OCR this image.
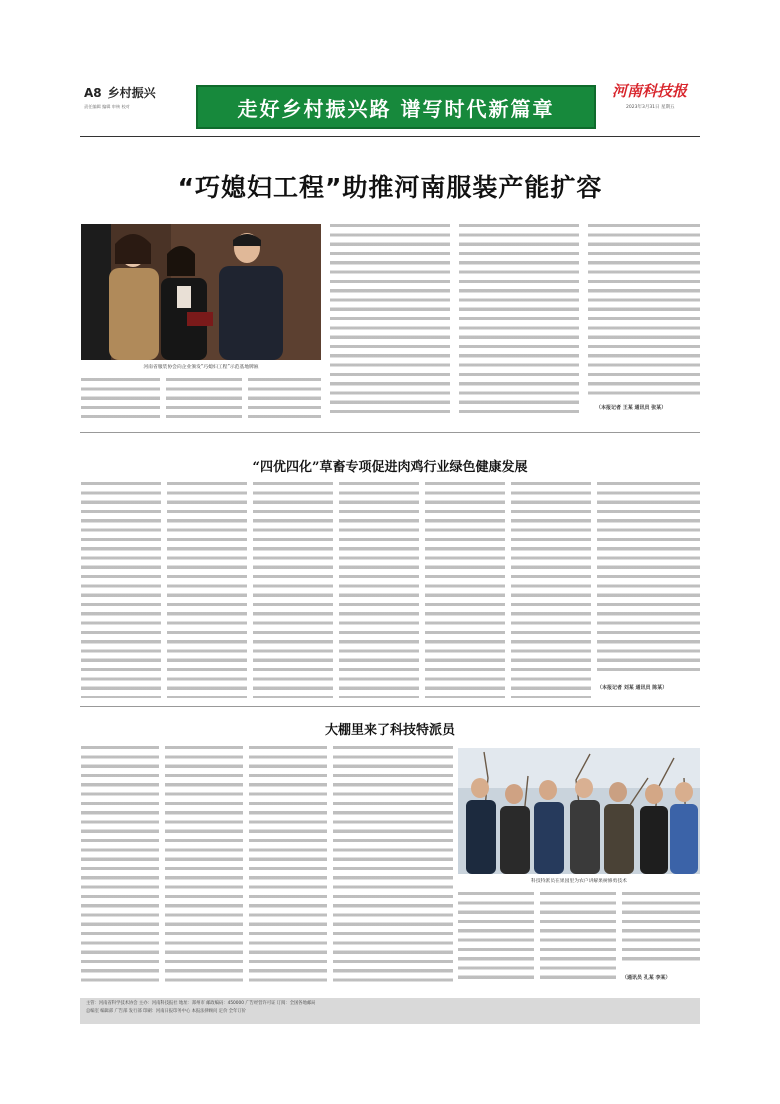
A8 乡村振兴
责任编辑 编辑 审核 校对	走好乡村振兴路 谱写时代新篇章
河南科技报
2023年3月31日 星期五
“巧媳妇工程”助推河南服装产能扩容
河南省服装协会向企业颁发“巧媳妇工程”示范基地牌匾
（本报记者 王某 通讯员 张某）
“四优四化”草畜专项促进肉鸡行业绿色健康发展
（本报记者 刘某 通讯员 陈某）
大棚里来了科技特派员
科技特派员在果园里为农户讲解果树修剪技术
（通讯员 孔某 李某）
主管：河南省科学技术协会 主办：河南科技报社 地址：郑州市 邮政编码：450000 广告经营许可证 订阅：全国各地邮局
总编室 编辑部 广告部 发行部 印刷：河南日报印务中心 本报法律顾问 定价 全年订价
